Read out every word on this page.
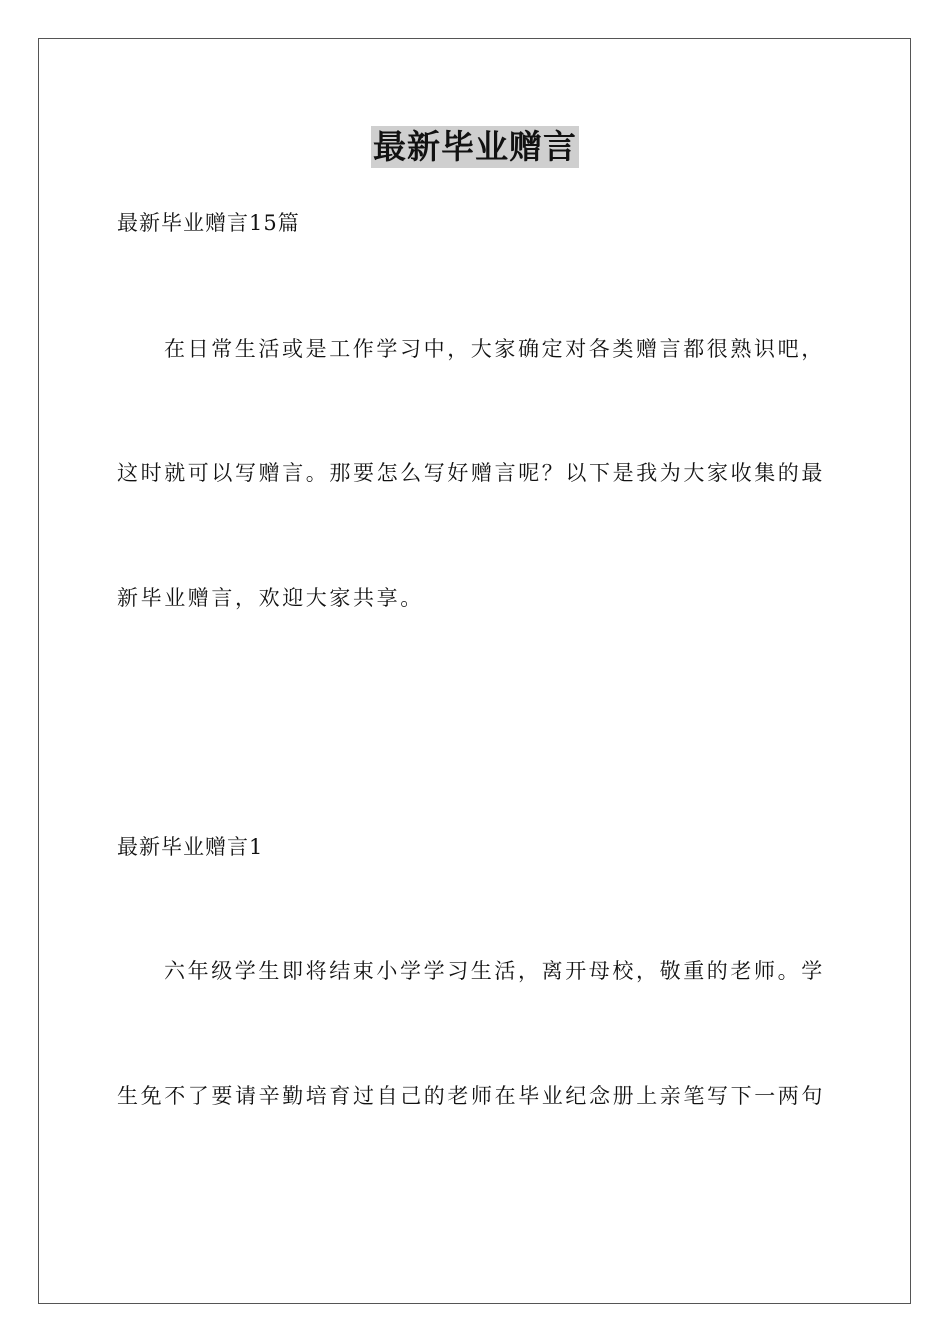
最新毕业赠言
最新毕业赠言15篇
在日常生活或是工作学习中，大家确定对各类赠言都很熟识吧，
这时就可以写赠言。那要怎么写好赠言呢？以下是我为大家收集的最
新毕业赠言，欢迎大家共享。
最新毕业赠言1
六年级学生即将结束小学学习生活，离开母校，敬重的老师。学
生免不了要请辛勤培育过自己的老师在毕业纪念册上亲笔写下一两句
